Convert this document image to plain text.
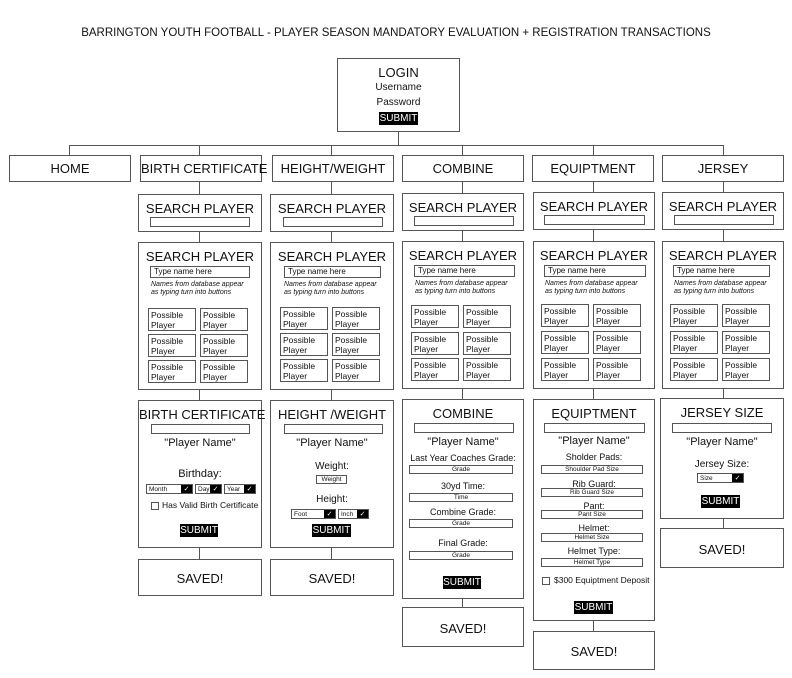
BARRINGTON YOUTH FOOTBALL - PLAYER SEASON MANDATORY EVALUATION + REGISTRATION TRANSACTIONS
LOGIN
Username
Password
SUBMIT
HOME	BIRTH CERTIFICATE	HEIGHT/WEIGHT	COMBINE	EQUIPTMENT	JERSEY
SEARCH PLAYER
SEARCH PLAYER
Type name here
Names from database appear
as typing turn into buttons
Possible
Player
Possible
Player
Possible
Player
Possible
Player
Possible
Player
Possible
Player
BIRTH CERTIFICATE
"Player Name"
Birthday:
Month	✓	Day ✓	Year ✓
Has Valid Birth Certificate
SUBMIT
SAVED!
SEARCH PLAYER
SEARCH PLAYER
Type name here
Names from database appear
as typing turn into buttons
Possible
Player
Possible
Player
Possible
Player
Possible
Player
Possible
Player
Possible
Player
HEIGHT /WEIGHT
"Player Name"
Weight:
Weight
Height:
Foot	✓	Inch ✓
SUBMIT
SAVED!
SEARCH PLAYER
SEARCH PLAYER
Type name here
Names from database appear
as typing turn into buttons
Possible
Player
Possible
Player
Possible
Player
Possible
Player
Possible
Player
Possible
Player
COMBINE
"Player Name"
Last Year Coaches Grade:
Grade
30yd Time:
Time
Combine Grade:
Grade
Final Grade:
Grade
SUBMIT
SAVED!
SEARCH PLAYER
SEARCH PLAYER
Type name here
Names from database appear
as typing turn into buttons
Possible
Player
Possible
Player
Possible
Player
Possible
Player
Possible
Player
Possible
Player
EQUIPTMENT
"Player Name"
Sholder Pads:
Shoulder Pad Size
Rib Guard:
Rib Guard Size
Pant:
Pant Size
Helmet:
Helmet Size
Helmet Type:
Helmet Type
$300 Equiptment Deposit
SUBMIT
SAVED!
SEARCH PLAYER
SEARCH PLAYER
Type name here
Names from database appear
as typing turn into buttons
Possible
Player
Possible
Player
Possible
Player
Possible
Player
Possible
Player
Possible
Player
JERSEY SIZE
"Player Name"
Jersey Size:
Size	✓
SUBMIT
SAVED!
